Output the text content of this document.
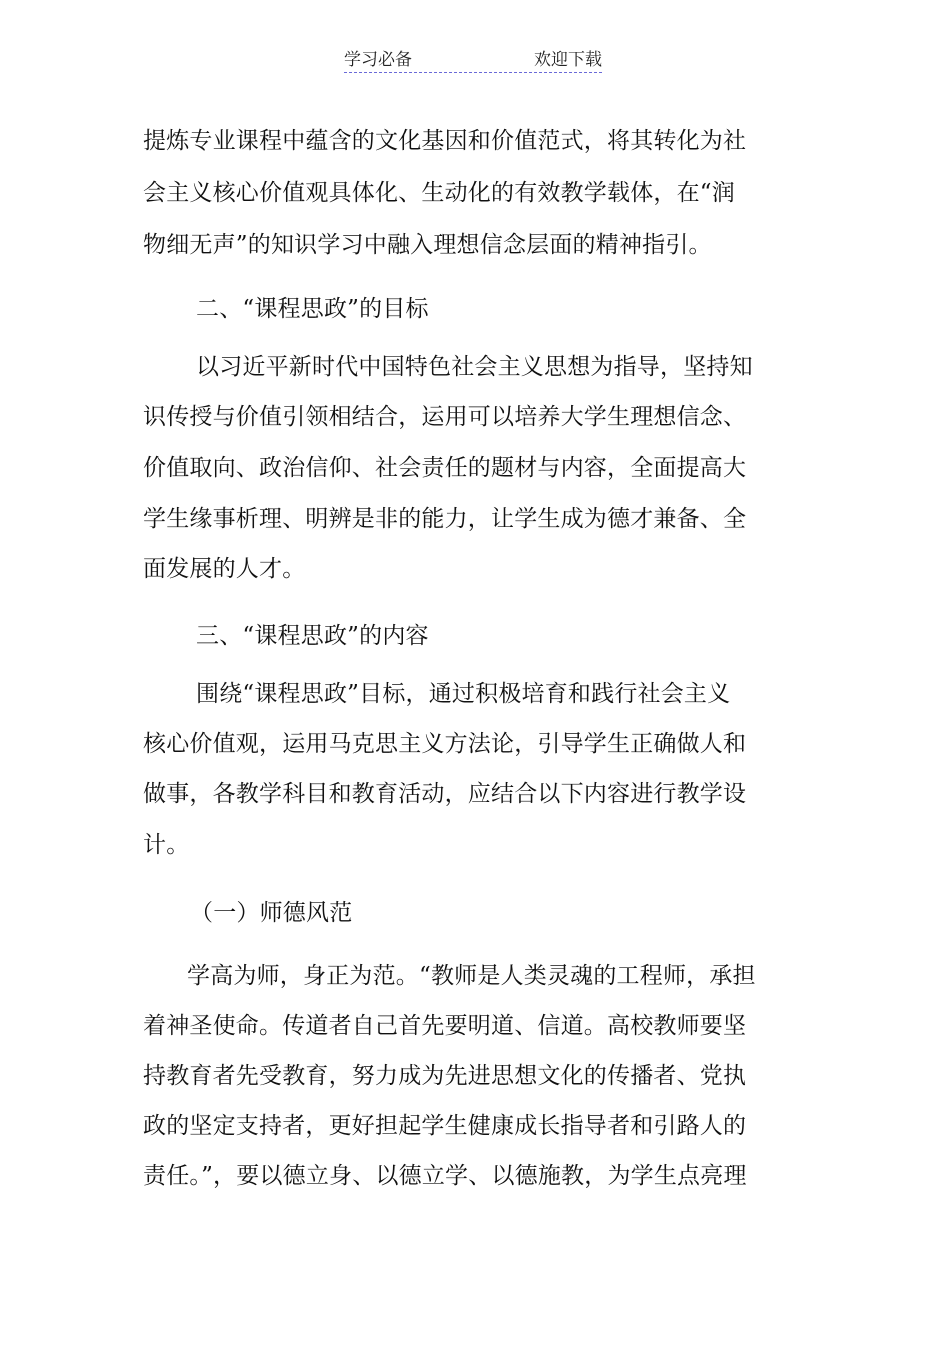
学习必备	欢迎下载
提炼专业课程中蕴含的文化基因和价值范式，将其转化为社
会主义核心价值观具体化、生动化的有效教学载体，在“润
物细无声”的知识学习中融入理想信念层面的精神指引。
二、“课程思政”的目标
以习近平新时代中国特色社会主义思想为指导，坚持知
识传授与价值引领相结合，运用可以培养大学生理想信念、
价值取向、政治信仰、社会责任的题材与内容，全面提高大
学生缘事析理、明辨是非的能力，让学生成为德才兼备、全
面发展的人才。
三、“课程思政”的内容
围绕“课程思政”目标，通过积极培育和践行社会主义
核心价值观，运用马克思主义方法论，引导学生正确做人和
做事，各教学科目和教育活动，应结合以下内容进行教学设
计。
（一）师德风范
学高为师，身正为范。“教师是人类灵魂的工程师，承担
着神圣使命。传道者自己首先要明道、信道。高校教师要坚
持教育者先受教育，努力成为先进思想文化的传播者、党执
政的坚定支持者，更好担起学生健康成长指导者和引路人的
责任。”，要以德立身、以德立学、以德施教，为学生点亮理
